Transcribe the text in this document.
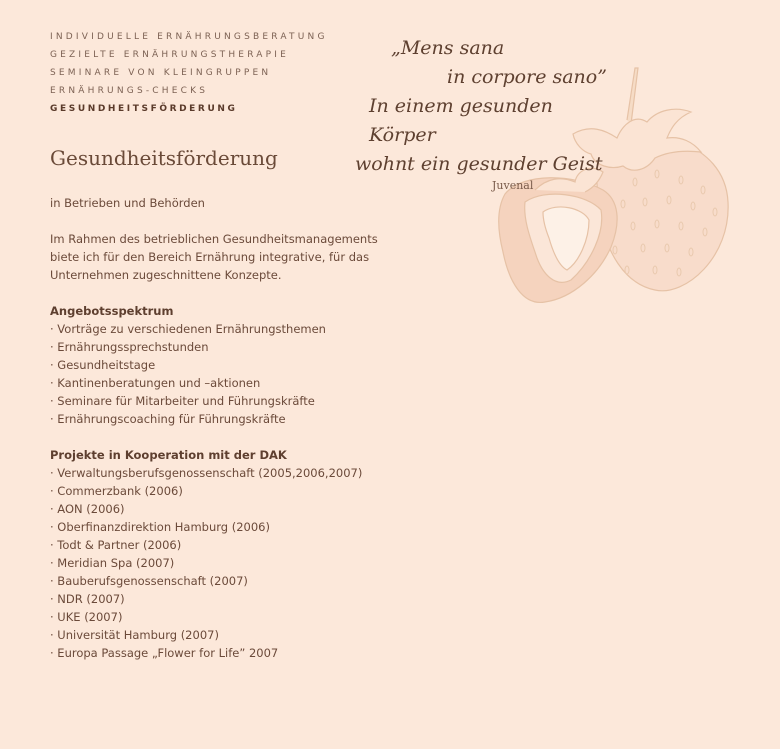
INDIVIDUELLE ERNÄHRUNGSBERATUNG
GEZIELTE ERNÄHRUNGSTHERAPIE
SEMINARE VON KLEINGRUPPEN
ERNÄHRUNGS-CHECKS
GESUNDHEITSFÖRDERUNG
„Mens sana
in corpore sano”
In einem gesunden Körper
wohnt ein gesunder Geist
Juvenal
Gesundheitsförderung
in Betrieben und Behörden
Im Rahmen des betrieblichen Gesundheitsmanagements biete ich für den Bereich Ernährung integrative, für das Unternehmen zugeschnittene Konzepte.
Angebotsspektrum
· Vorträge zu verschiedenen Ernährungsthemen
· Ernährungssprechstunden
· Gesundheitstage
· Kantinenberatungen und –aktionen
· Seminare für Mitarbeiter und Führungskräfte
· Ernährungscoaching für Führungskräfte
Projekte in Kooperation mit der DAK
· Verwaltungsberufsgenossenschaft (2005,2006,2007)
· Commerzbank (2006)
· AON (2006)
· Oberfinanzdirektion Hamburg (2006)
· Todt & Partner (2006)
· Meridian Spa (2007)
· Bauberufsgenossenschaft (2007)
· NDR (2007)
· UKE (2007)
· Universität Hamburg (2007)
· Europa Passage „Flower for Life” 2007
